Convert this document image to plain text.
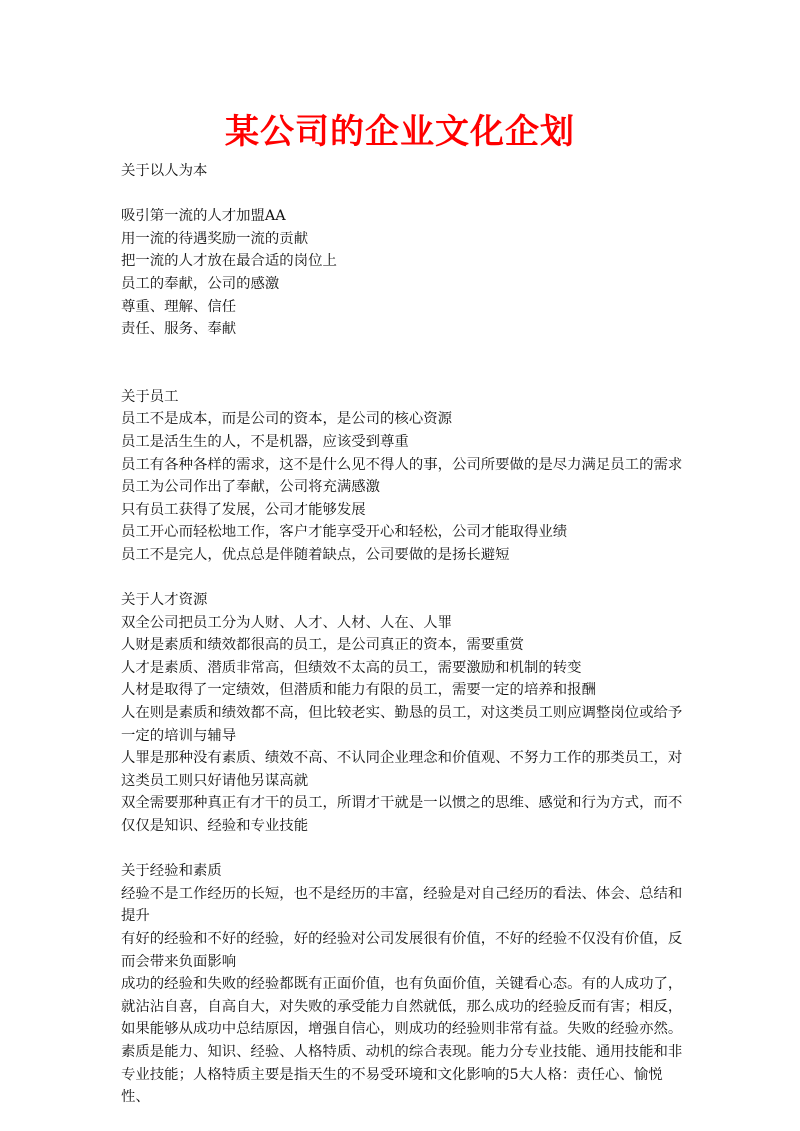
某公司的企业文化企划

关于以人为本

吸引第一流的人才加盟AA

用一流的待遇奖励一流的贡献

把一流的人才放在最合适的岗位上

员工的奉献，公司的感激

尊重、理解、信任

责任、服务、奉献

关于员工

员工不是成本，而是公司的资本，是公司的核心资源

员工是活生生的人，不是机器，应该受到尊重

员工有各种各样的需求，这不是什么见不得人的事，公司所要做的是尽力满足员工的需求

员工为公司作出了奉献，公司将充满感激

只有员工获得了发展，公司才能够发展

员工开心而轻松地工作，客户才能享受开心和轻松，公司才能取得业绩

员工不是完人，优点总是伴随着缺点，公司要做的是扬长避短

关于人才资源

双全公司把员工分为人财、人才、人材、人在、人罪

人财是素质和绩效都很高的员工，是公司真正的资本，需要重赏

人才是素质、潜质非常高，但绩效不太高的员工，需要激励和机制的转变

人材是取得了一定绩效，但潜质和能力有限的员工，需要一定的培养和报酬

人在则是素质和绩效都不高，但比较老实、勤恳的员工，对这类员工则应调整岗位或给予一定的培训与辅导

人罪是那种没有素质、绩效不高、不认同企业理念和价值观、不努力工作的那类员工，对这类员工则只好请他另谋高就

双全需要那种真正有才干的员工，所谓才干就是一以惯之的思维、感觉和行为方式，而不仅仅是知识、经验和专业技能

关于经验和素质

经验不是工作经历的长短，也不是经历的丰富，经验是对自己经历的看法、体会、总结和提升

有好的经验和不好的经验，好的经验对公司发展很有价值，不好的经验不仅没有价值，反而会带来负面影响

成功的经验和失败的经验都既有正面价值，也有负面价值，关键看心态。有的人成功了，就沾沾自喜，自高自大，对失败的承受能力自然就低，那么成功的经验反而有害；相反，如果能够从成功中总结原因，增强自信心，则成功的经验则非常有益。失败的经验亦然。

素质是能力、知识、经验、人格特质、动机的综合表现。能力分专业技能、通用技能和非专业技能；人格特质主要是指天生的不易受环境和文化影响的5大人格：责任心、愉悦性、
